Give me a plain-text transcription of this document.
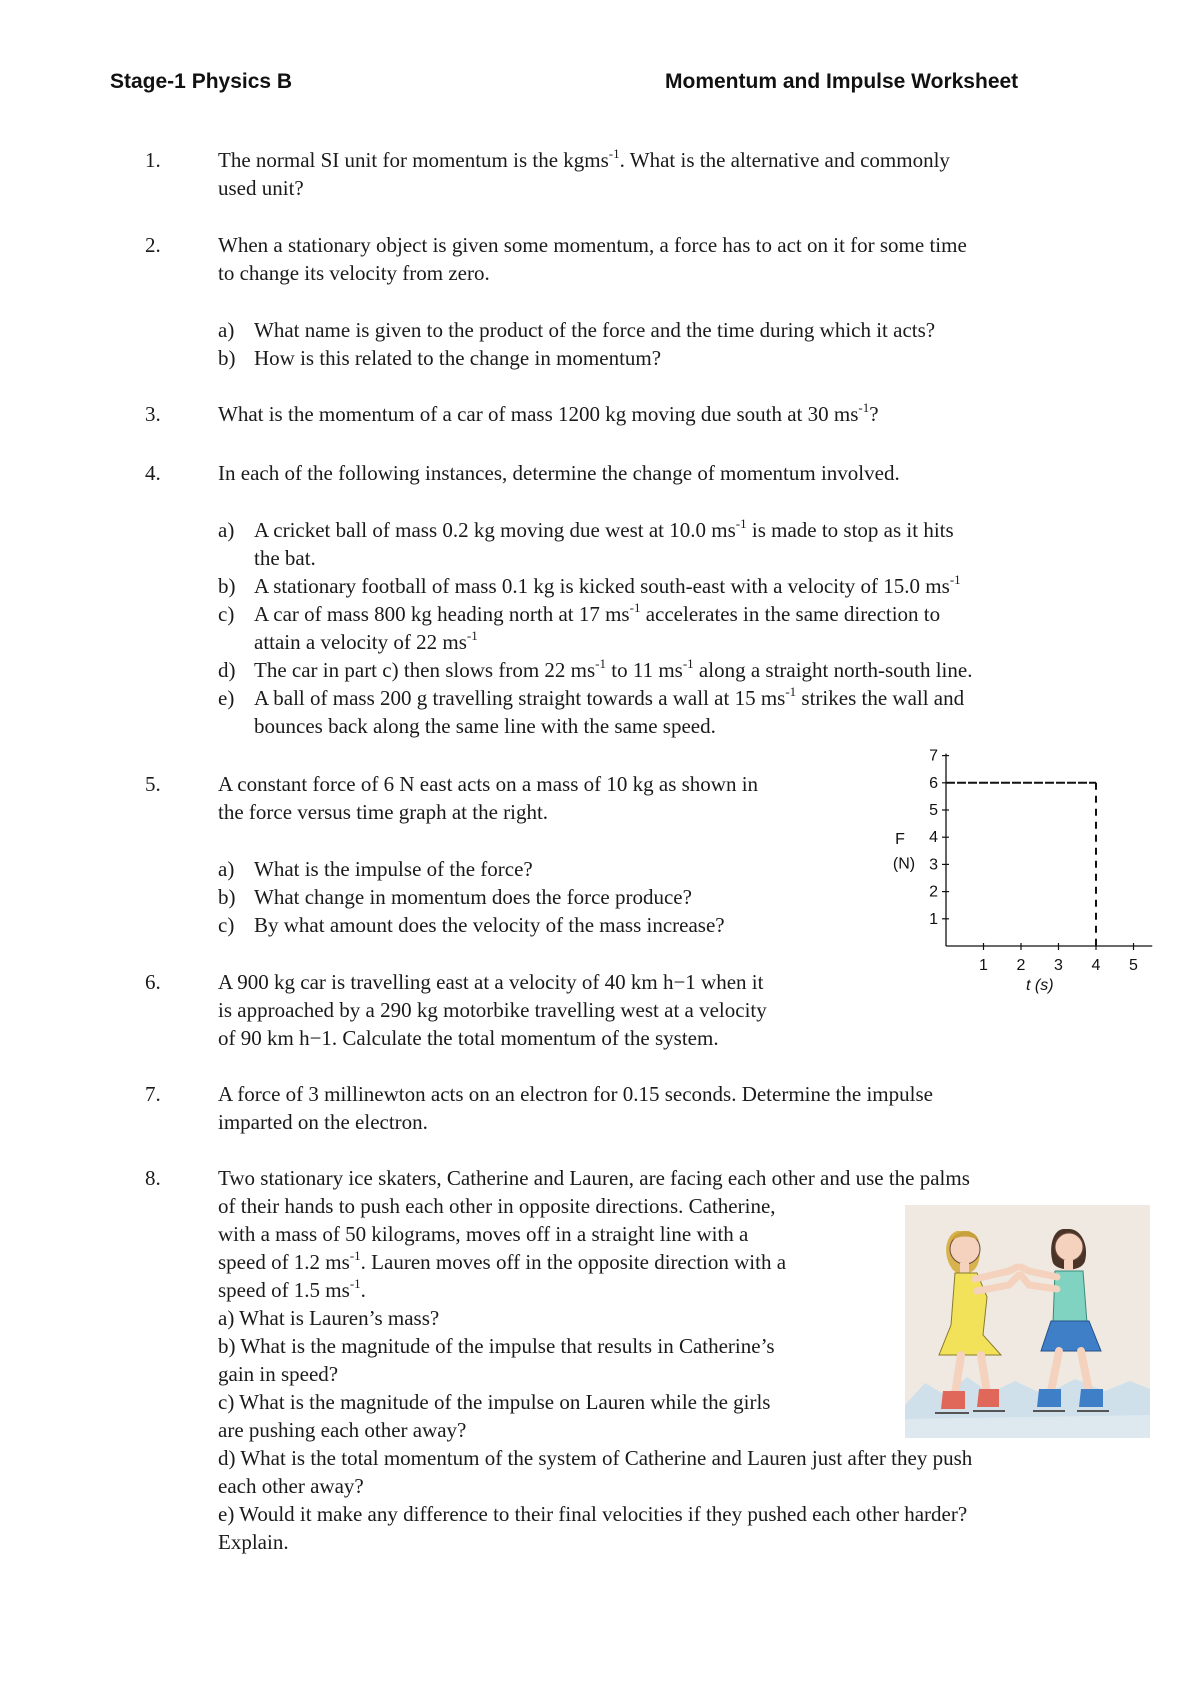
Stage-1 Physics B	Momentum and Impulse Worksheet
1.	The normal SI unit for momentum is the kgms$^{-1}$. What is the alternative and commonly

used unit?

2.	When a stationary object is given some momentum, a force has to act on it for some time

to change its velocity from zero.

a) What name is given to the product of the force and the time during which it acts?
b) How is this related to the change in momentum?
3.	What is the momentum of a car of mass 1200 kg moving due south at 30 $ms^{-1}$?

4.	In each of the following instances, determine the change of momentum involved.
a) A cricket ball of mass 0.2 kg moving due west at 10.0 $ms^{-1}$ is made to stop as it hits
the bat.
b) A stationary football of mass 0.1 kg is kicked south-east with a velocity of 15.0 $ms^{-1}$
c) A car of mass 800 kg heading north at 17 $ms^{-1}$ accelerates in the same direction to
attain a velocity of 22 $ms^{-1}$
d) The car in part c) then slows from 22 $ms^{-1}$ to 11 $ms^{-1}$ along a straight north-south line.
e) A ball of mass 200 g travelling straight towards a wall at 15 $ms^{-1}$ strikes the wall and
bounces back along the same line with the same speed.
5.	A constant force of 6 N east acts on a mass of 10 kg as shown in

the force versus time graph at the right.

a) What is the impulse of the force?
b) What change in momentum does the force produce?
c) By what amount does the velocity of the mass increase?	1
2
3
4
5
6
7
1 2 3 4 5
F
(N)
t (s)
6.	A 900 kg car is travelling east at a velocity of 40 km h−1 when it

is approached by a 290 kg motorbike travelling west at a velocity

of 90 km h−1. Calculate the total momentum of the system.

7.	A force of 3 millinewton acts on an electron for 0.15 seconds. Determine the impulse

imparted on the electron.

8.	Two stationary ice skaters, Catherine and Lauren, are facing each other and use the palms
of their hands to push each other in opposite directions. Catherine,
with a mass of 50 kilograms, moves off in a straight line with a
speed of 1.2 $ms^{-1}$. Lauren moves off in the opposite direction with a
speed of 1.5 $ms^{-1}$.
a) What is Lauren’s mass?
b) What is the magnitude of the impulse that results in Catherine’s
gain in speed?
c) What is the magnitude of the impulse on Lauren while the girls
are pushing each other away?
d) What is the total momentum of the system of Catherine and Lauren just after they push
each other away?
e) Would it make any difference to their final velocities if they pushed each other harder?
Explain.
